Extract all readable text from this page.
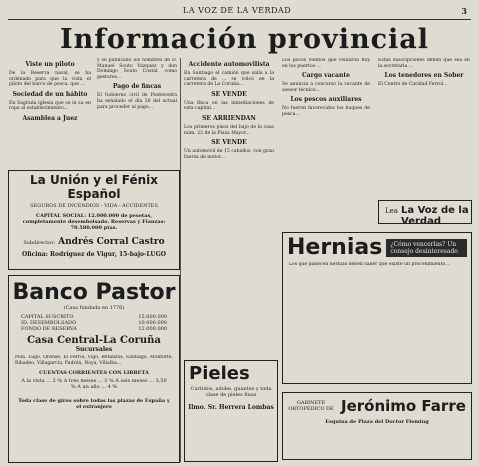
LA VOZ DE LA VERDAD	3
Información provincial
Viste un piloto

De la Reserva naval, se ha ordenado para que la vista el piloto del barco de pesca, que ...

Sociedad de un hábito

En Sagrada iglesia que se in su en ropa al establecimiento...

Asamblea a Juez

y se publicado los nombres de D. Manuel Souto Vazquez y don Domingo Souto Costal, como gestores...

Pago de fincas

El Gobierno civil de Pontevedra ha señalado el día 20 del actual para proceder al pago...

La Unión y el Fénix Español
SEGUROS DE INCENDIOS - VIDA - ACCIDENTES
CAPITAL SOCIAL: 12.000.000 de pesetas, completamente desembolsado. Reservas y Fianzas: 70.580.000 ptas.
Subdirector: Andrés Corral Castro
Oficina: Rodríguez de Vigur, 15-bajo-LUGO
Banco Pastor
(Casa fundada en 1776)
CAPITAL SUSCRITO	15.000.000
ID. DESEMBOLSADO	10.000.000
FONDO DE RESERVA	12.000.000
Casa Central-La Coruña
Sucursales
Pola, Lugo, Orense, El Ferrol, Vigo, Betanzos, Santiago, Monforte, Ribadeo, Villagarcía, Padrón, Noya, Villalba...
CUENTAS CORRIENTES CON LIBRETA
A la vista ... 2 % A tres meses ... 3 % A seis meses ... 3,50 % A un año ... 4 %
Toda clase de giros sobre todas las plazas de España y el extranjero
Accidente automovilista

En Santiago el camión que salía a la carretera de ... se volcó en la carretera de La Coruña...

SE VENDE

Una finca en las inmediaciones de esta capital...

SE ARRIENDAN

Los primeros pisos del bajo de la casa núm. 22 de la Plaza Mayor...

SE VENDE

Un automóvil de 15 caballos, con gran fuerza de motor...

Los pocos vientos que reinaron hoy en los puertos ...

Cargo vacante

Se anuncia a concurso la vacante de asesor técnico...

Los pescos auxiliares

No fueron favorecidos los buques de pesca...

Estas suscripciones deben que sea en la secretaria ...

Los tenedores en Sober

El Centro de Caridad Ferrol...

Lea La Voz de la Verdad
Hernias	¿Cómo vencerlas? Un consejo desinteresado
Los que padecen hernias deben saber que existe un procedimiento...
Pieles
Curtidos, adobe, guantes y toda clase de pieles finas
Ilmo. Sr. Herrera Lombas
GABINETE ORTOPÉDICO DE Jerónimo Farre
Esquina de Plaza del Doctor Fleming
